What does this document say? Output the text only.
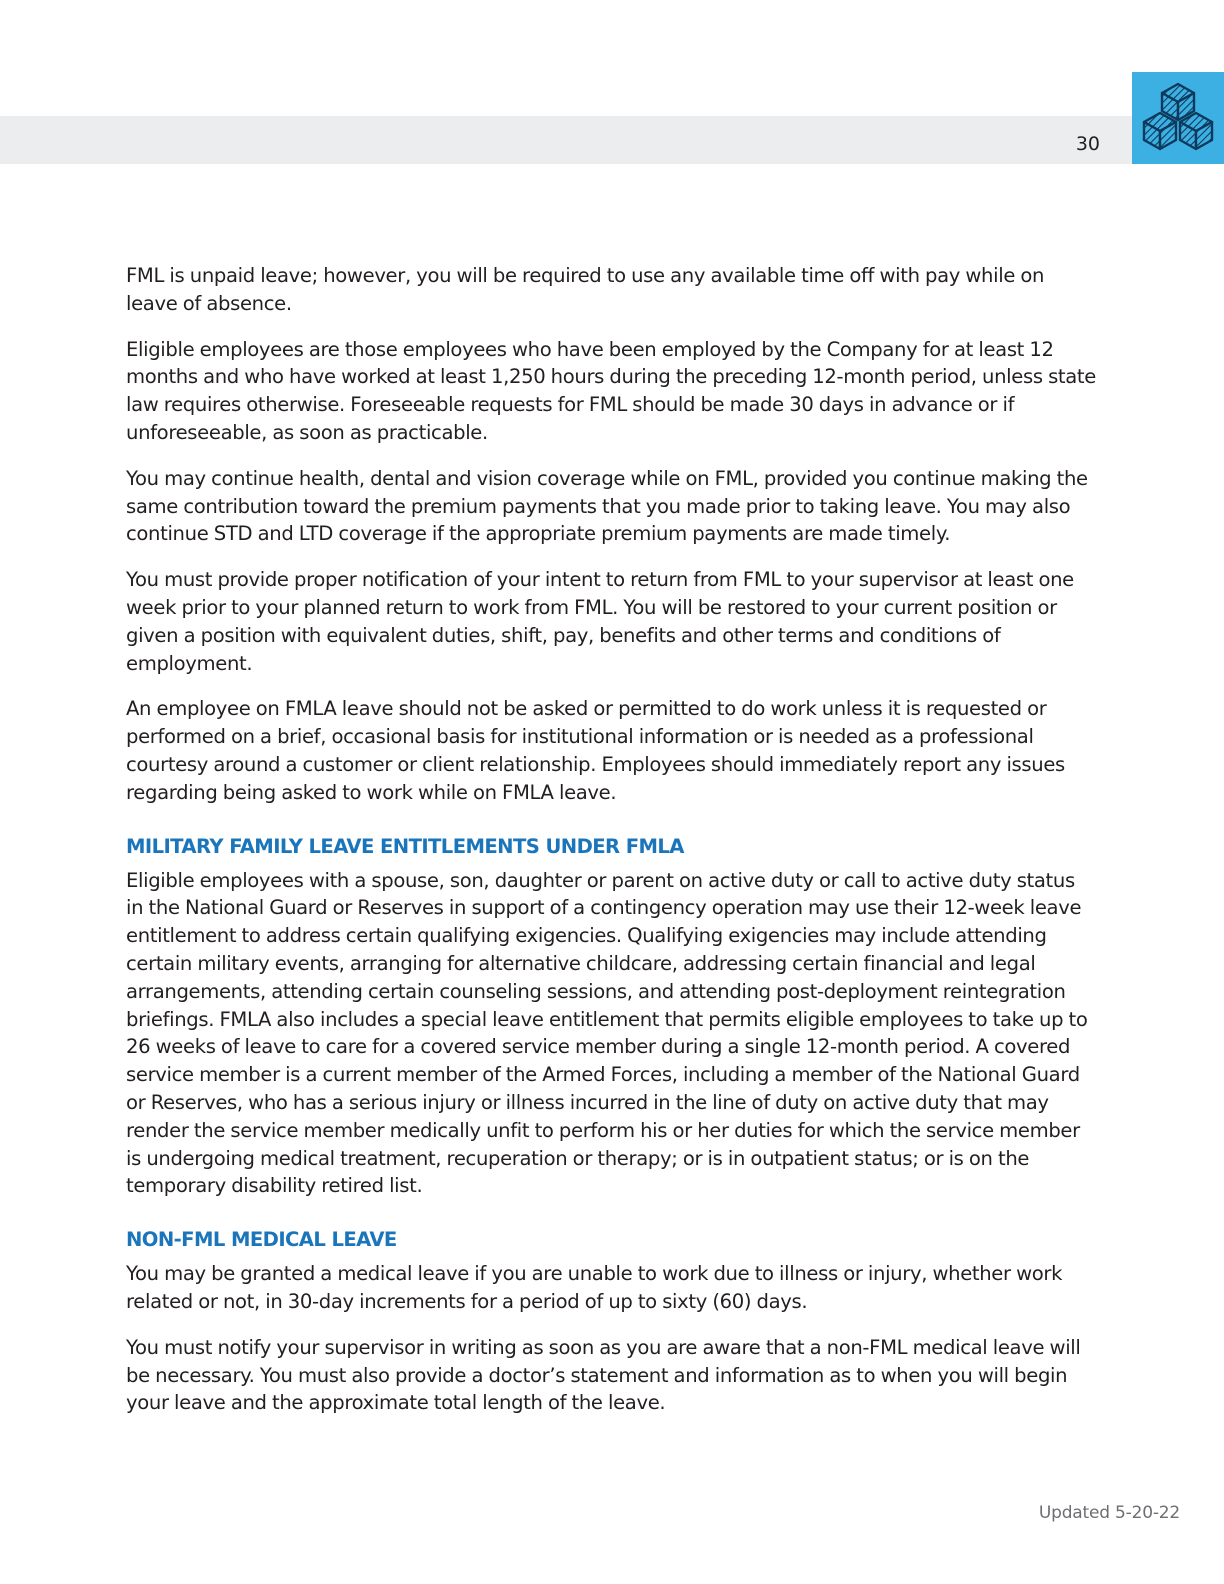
30

FML is unpaid leave; however, you will be required to use any available time off with pay while on leave of absence.

Eligible employees are those employees who have been employed by the Company for at least 12 months and who have worked at least 1,250 hours during the preceding 12-month period, unless state law requires otherwise. Foreseeable requests for FML should be made 30 days in advance or if unforeseeable, as soon as practicable.

You may continue health, dental and vision coverage while on FML, provided you continue making the same contribution toward the premium payments that you made prior to taking leave. You may also continue STD and LTD coverage if the appropriate premium payments are made timely.

You must provide proper notification of your intent to return from FML to your supervisor at least one week prior to your planned return to work from FML. You will be restored to your current position or given a position with equivalent duties, shift, pay, benefits and other terms and conditions of employment.

An employee on FMLA leave should not be asked or permitted to do work unless it is requested or performed on a brief, occasional basis for institutional information or is needed as a professional courtesy around a customer or client relationship. Employees should immediately report any issues regarding being asked to work while on FMLA leave.

MILITARY FAMILY LEAVE ENTITLEMENTS UNDER FMLA

Eligible employees with a spouse, son, daughter or parent on active duty or call to active duty status in the National Guard or Reserves in support of a contingency operation may use their 12-week leave entitlement to address certain qualifying exigencies. Qualifying exigencies may include attending certain military events, arranging for alternative childcare, addressing certain financial and legal arrangements, attending certain counseling sessions, and attending post-deployment reintegration briefings. FMLA also includes a special leave entitlement that permits eligible employees to take up to 26 weeks of leave to care for a covered service member during a single 12-month period. A covered service member is a current member of the Armed Forces, including a member of the National Guard or Reserves, who has a serious injury or illness incurred in the line of duty on active duty that may render the service member medically unfit to perform his or her duties for which the service member is undergoing medical treatment, recuperation or therapy; or is in outpatient status; or is on the temporary disability retired list.

NON-FML MEDICAL LEAVE

You may be granted a medical leave if you are unable to work due to illness or injury, whether work related or not, in 30-day increments for a period of up to sixty (60) days.

You must notify your supervisor in writing as soon as you are aware that a non-FML medical leave will be necessary. You must also provide a doctor’s statement and information as to when you will begin your leave and the approximate total length of the leave.

Updated 5-20-22
